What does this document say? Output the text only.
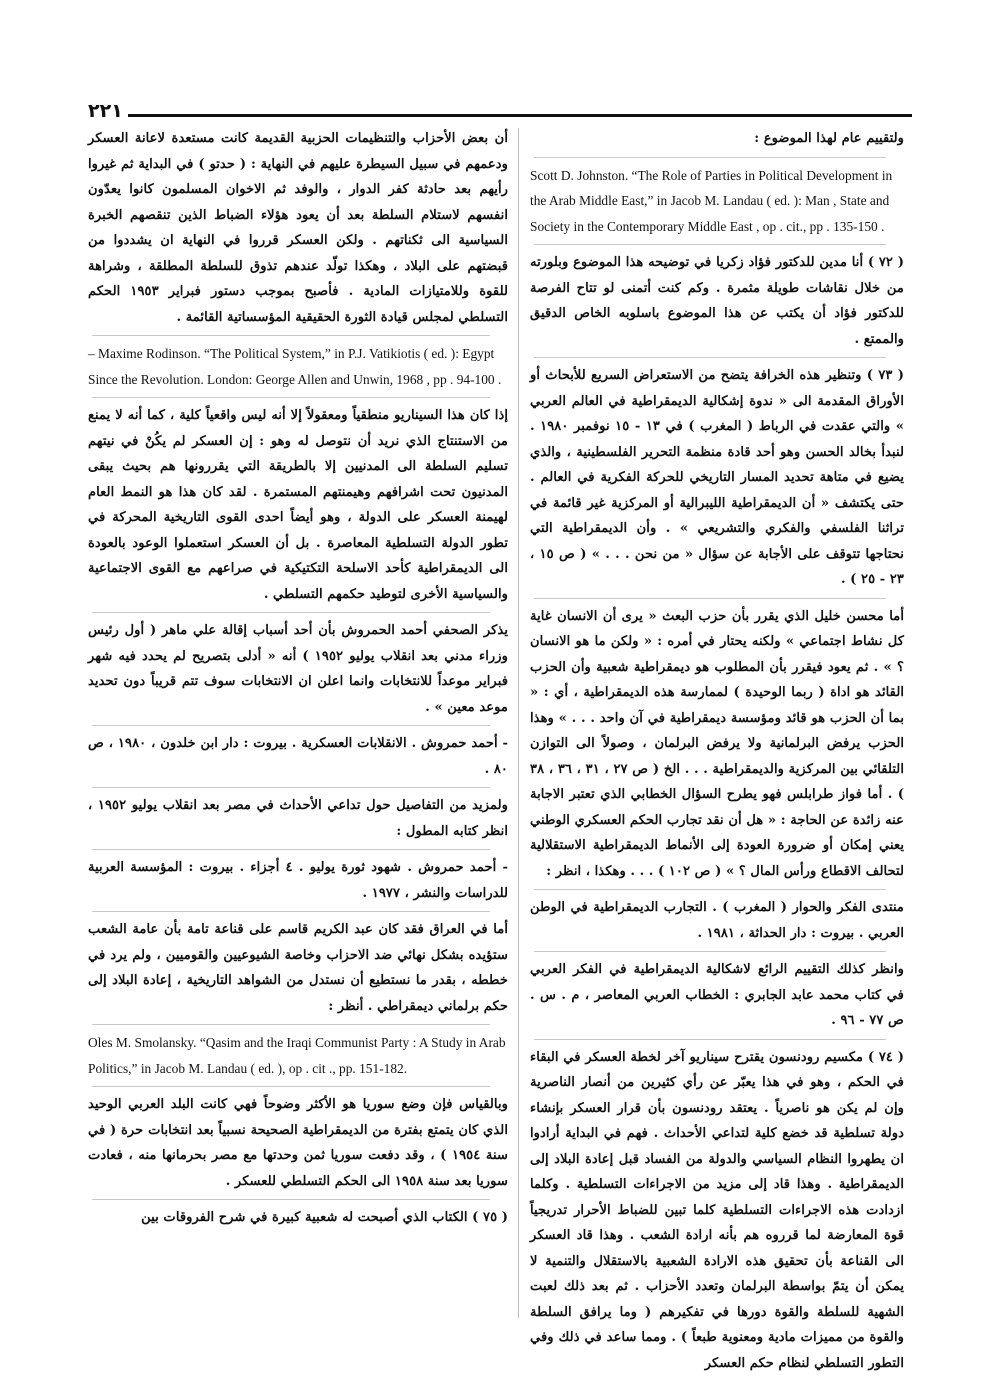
٢٢١

ولتقييم عام لهذا الموضوع :

Scott D. Johnston. “The Role of Parties in Political Development in the Arab Middle East,” in Jacob M. Landau ( ed. ): Man , State and Society in the Contemporary Middle East , op . cit., pp . 135-150 .

( ٧٢ ) أنا مدين للدكتور فؤاد زكريا في توضيحه هذا الموضوع وبلورته من خلال نقاشات طويلة مثمرة . وكم كنت أتمنى لو تتاح الفرصة للدكتور فؤاد أن يكتب عن هذا الموضوع باسلوبه الخاص الدقيق والممتع .

( ٧٣ ) وتنظير هذه الخرافة يتضح من الاستعراض السريع للأبحاث أو الأوراق المقدمة الى « ندوة إشكالية الديمقراطية في العالم العربي » والتي عقدت في الرباط ( المغرب ) في ١٣ - ١٥ نوفمبر ١٩٨٠ . لنبدأ بخالد الحسن وهو أحد قادة منظمة التحرير الفلسطينية ، والذي يضيع في متاهة تحديد المسار التاريخي للحركة الفكرية في العالم . حتى يكتشف « أن الديمقراطية الليبرالية أو المركزية غير قائمة في تراثنا الفلسفي والفكري والتشريعي » . وأن الديمقراطية التي نحتاجها تتوقف على الأجابة عن سؤال « من نحن . . . » ( ص ١٥ ، ٢٣ - ٢٥ ) .

أما محسن خليل الذي يقرر بأن حزب البعث « يرى أن الانسان غاية كل نشاط اجتماعي » ولكنه يحتار في أمره : « ولكن ما هو الانسان ؟ » . ثم يعود فيقرر بأن المطلوب هو ديمقراطية شعبية وأن الحزب القائد هو اداة ( ربما الوحيدة ) لممارسة هذه الديمقراطية ، أي : « بما أن الحزب هو قائد ومؤسسة ديمقراطية في آن واحد . . . » وهذا الحزب يرفض البرلمانية ولا يرفض البرلمان ، وصولاً الى التوازن التلقائي بين المركزية والديمقراطية . . . الخ ( ص ٢٧ ، ٣١ ، ٣٦ ، ٣٨ ) . أما فواز طرابلس فهو يطرح السؤال الخطابي الذي تعتبر الاجابة عنه زائدة عن الحاجة : « هل أن نقد تجارب الحكم العسكري الوطني يعني إمكان أو ضرورة العودة إلى الأنماط الديمقراطية الاستقلالية لتحالف الاقطاع ورأس المال ؟ » ( ص ١٠٢ ) . . . وهكذا ، انظر :

منتدى الفكر والحوار ( المغرب ) . التجارب الديمقراطية في الوطن العربي . بيروت : دار الحداثة ، ١٩٨١ .

وانظر كذلك التقييم الرائع لاشكالية الديمقراطية في الفكر العربي في كتاب محمد عابد الجابري : الخطاب العربي المعاصر ، م . س . ص ٧٧ - ٩٦ .

( ٧٤ ) مكسيم رودنسون يقترح سيناريو آخر لخطة العسكر في البقاء في الحكم ، وهو في هذا يعبّر عن رأي كثيرين من أنصار الناصرية وإن لم يكن هو ناصرياً . يعتقد رودنسون بأن قرار العسكر بإنشاء دولة تسلطية قد خضع كلية لتداعي الأحداث . فهم في البداية أرادوا ان يطهروا النظام السياسي والدولة من الفساد قبل إعادة البلاد إلى الديمقراطية . وهذا قاد إلى مزيد من الاجراءات التسلطية . وكلما ازدادت هذه الاجراءات التسلطية كلما تبين للضباط الأحرار تدريجياً قوة المعارضة لما قرروه هم بأنه ارادة الشعب . وهذا قاد العسكر الى القناعة بأن تحقيق هذه الارادة الشعبية بالاستقلال والتنمية لا يمكن أن يتمّ بواسطة البرلمان وتعدد الأحزاب . ثم بعد ذلك لعبت الشهية للسلطة والقوة دورها في تفكيرهم ( وما يرافق السلطة والقوة من مميزات مادية ومعنوية طبعاً ) . ومما ساعد في ذلك وفي التطور التسلطي لنظام حكم العسكر

أن بعض الأحزاب والتنظيمات الحزبية القديمة كانت مستعدة لاعانة العسكر ودعمهم في سبيل السيطرة عليهم في النهاية : ( حدتو ) في البداية ثم غيروا رأيهم بعد حادثة كفر الدوار ، والوفد ثم الاخوان المسلمون كانوا يعدّون انفسهم لاستلام السلطة بعد أن يعود هؤلاء الضباط الذين تنقصهم الخبرة السياسية الى ثكناتهم . ولكن العسكر قرروا في النهاية ان يشددوا من قبضتهم على البلاد ، وهكذا تولّد عندهم تذوق للسلطة المطلقة ، وشراهة للقوة وللامتيازات المادية . فأصبح بموجب دستور فبراير ١٩٥٣ الحكم التسلطي لمجلس قيادة الثورة الحقيقية المؤسساتية القائمة .

– Maxime Rodinson. “The Political System,” in P.J. Vatikiotis ( ed. ): Egypt Since the Revolution. London: George Allen and Unwin, 1968 , pp . 94-100 .

إذا كان هذا السيناريو منطقياً ومعقولاً إلا أنه ليس واقعياً كلية ، كما أنه لا يمنع من الاستنتاج الذي نريد أن نتوصل له وهو : إن العسكر لم يكُنْ في نيتهم تسليم السلطة الى المدنيين إلا بالطريقة التي يقررونها هم بحيث يبقى المدنيون تحت اشرافهم وهيمنتهم المستمرة . لقد كان هذا هو النمط العام لهيمنة العسكر على الدولة ، وهو أيضاً احدى القوى التاريخية المحركة في تطور الدولة التسلطية المعاصرة . بل أن العسكر استعملوا الوعود بالعودة الى الديمقراطية كأحد الاسلحة التكتيكية في صراعهم مع القوى الاجتماعية والسياسية الأخرى لتوطيد حكمهم التسلطي .

يذكر الصحفي أحمد الحمروش بأن أحد أسباب إقالة علي ماهر ( أول رئيس وزراء مدني بعد انقلاب يوليو ١٩٥٢ ) أنه « أدلى بتصريح لم يحدد فيه شهر فبراير موعداً للانتخابات وانما اعلن ان الانتخابات سوف تتم قريباً دون تحديد موعد معين » .

- أحمد حمروش . الانقلابات العسكرية . بيروت : دار ابن خلدون ، ١٩٨٠ ، ص ٨٠ .

ولمزيد من التفاصيل حول تداعي الأحداث في مصر بعد انقلاب يوليو ١٩٥٢ ، انظر كتابه المطول :

- أحمد حمروش . شهود ثورة يوليو . ٤ أجزاء . بيروت : المؤسسة العربية للدراسات والنشر ، ١٩٧٧ .

أما في العراق فقد كان عبد الكريم قاسم على قناعة تامة بأن عامة الشعب ستؤيده بشكل نهائي ضد الاحزاب وخاصة الشيوعيين والقوميين ، ولم يرد في خططه ، بقدر ما نستطيع أن نستدل من الشواهد التاريخية ، إعادة البلاد إلى حكم برلماني ديمقراطي . أنظر :

Oles M. Smolansky. “Qasim and the Iraqi Communist Party : A Study in Arab Politics,” in Jacob M. Landau ( ed. ), op . cit ., pp. 151-182.

وبالقياس فإن وضع سوريا هو الأكثر وضوحاً فهي كانت البلد العربي الوحيد الذي كان يتمتع بفترة من الديمقراطية الصحيحة نسبياً بعد انتخابات حرة ( في سنة ١٩٥٤ ) ، وقد دفعت سوريا ثمن وحدتها مع مصر بحرمانها منه ، فعادت سوريا بعد سنة ١٩٥٨ الى الحكم التسلطي للعسكر .

( ٧٥ ) الكتاب الذي أصبحت له شعبية كبيرة في شرح الفروقات بين
